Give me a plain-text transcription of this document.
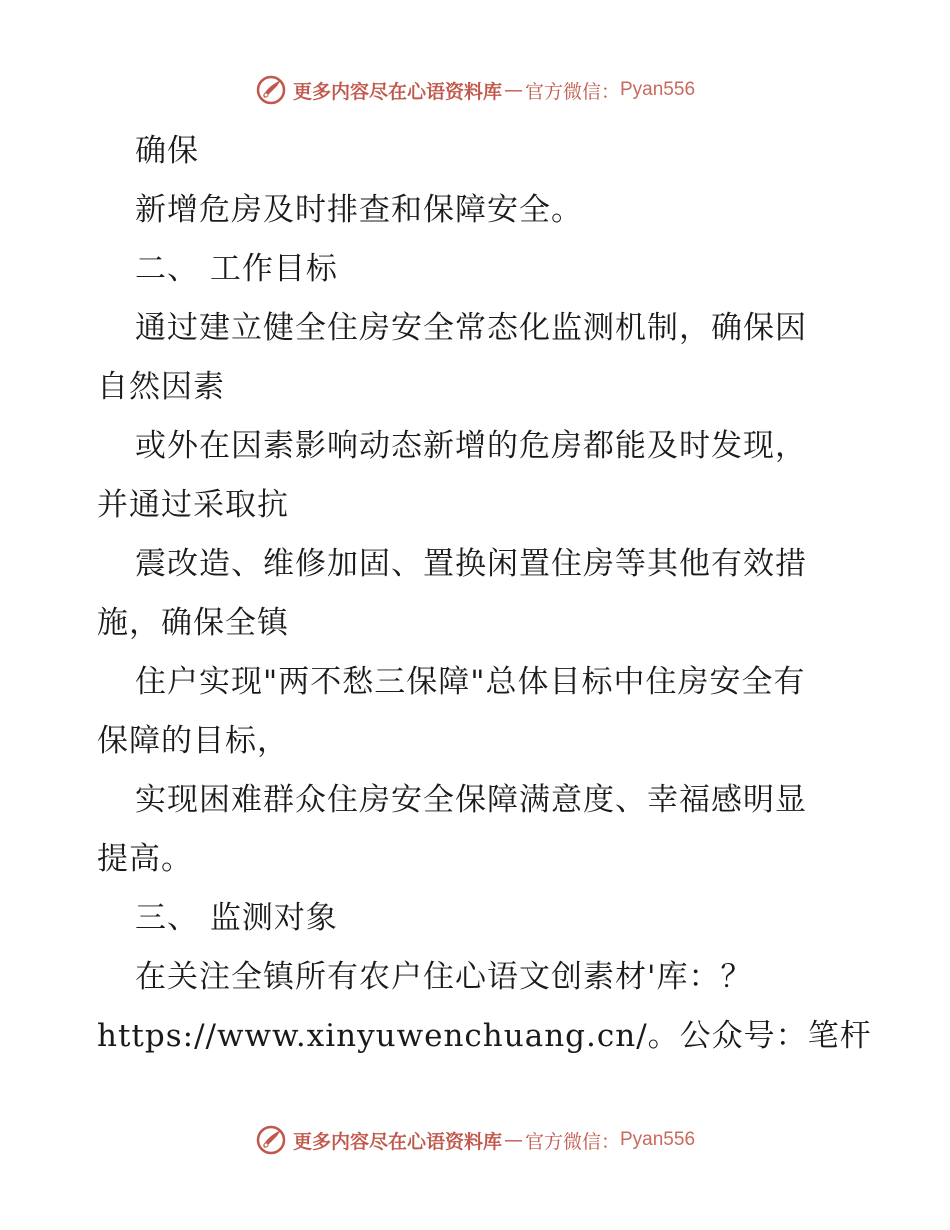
更多内容尽在心语资料库 — 官方微信： Pyan556
确保
新增危房及时排查和保障安全。
二、 工作目标
通过建立健全住房安全常态化监测机制，确保因
自然因素
或外在因素影响动态新增的危房都能及时发现，
并通过采取抗
震改造、维修加固、置换闲置住房等其他有效措
施，确保全镇
住户实现"两不愁三保障"总体目标中住房安全有
保障的目标，
实现困难群众住房安全保障满意度、幸福感明显
提高。
三、 监测对象
在关注全镇所有农户住心语文创素材'库：？
https://www.xinyuwenchuang.cn/。公众号：笔杆
更多内容尽在心语资料库 — 官方微信： Pyan556
